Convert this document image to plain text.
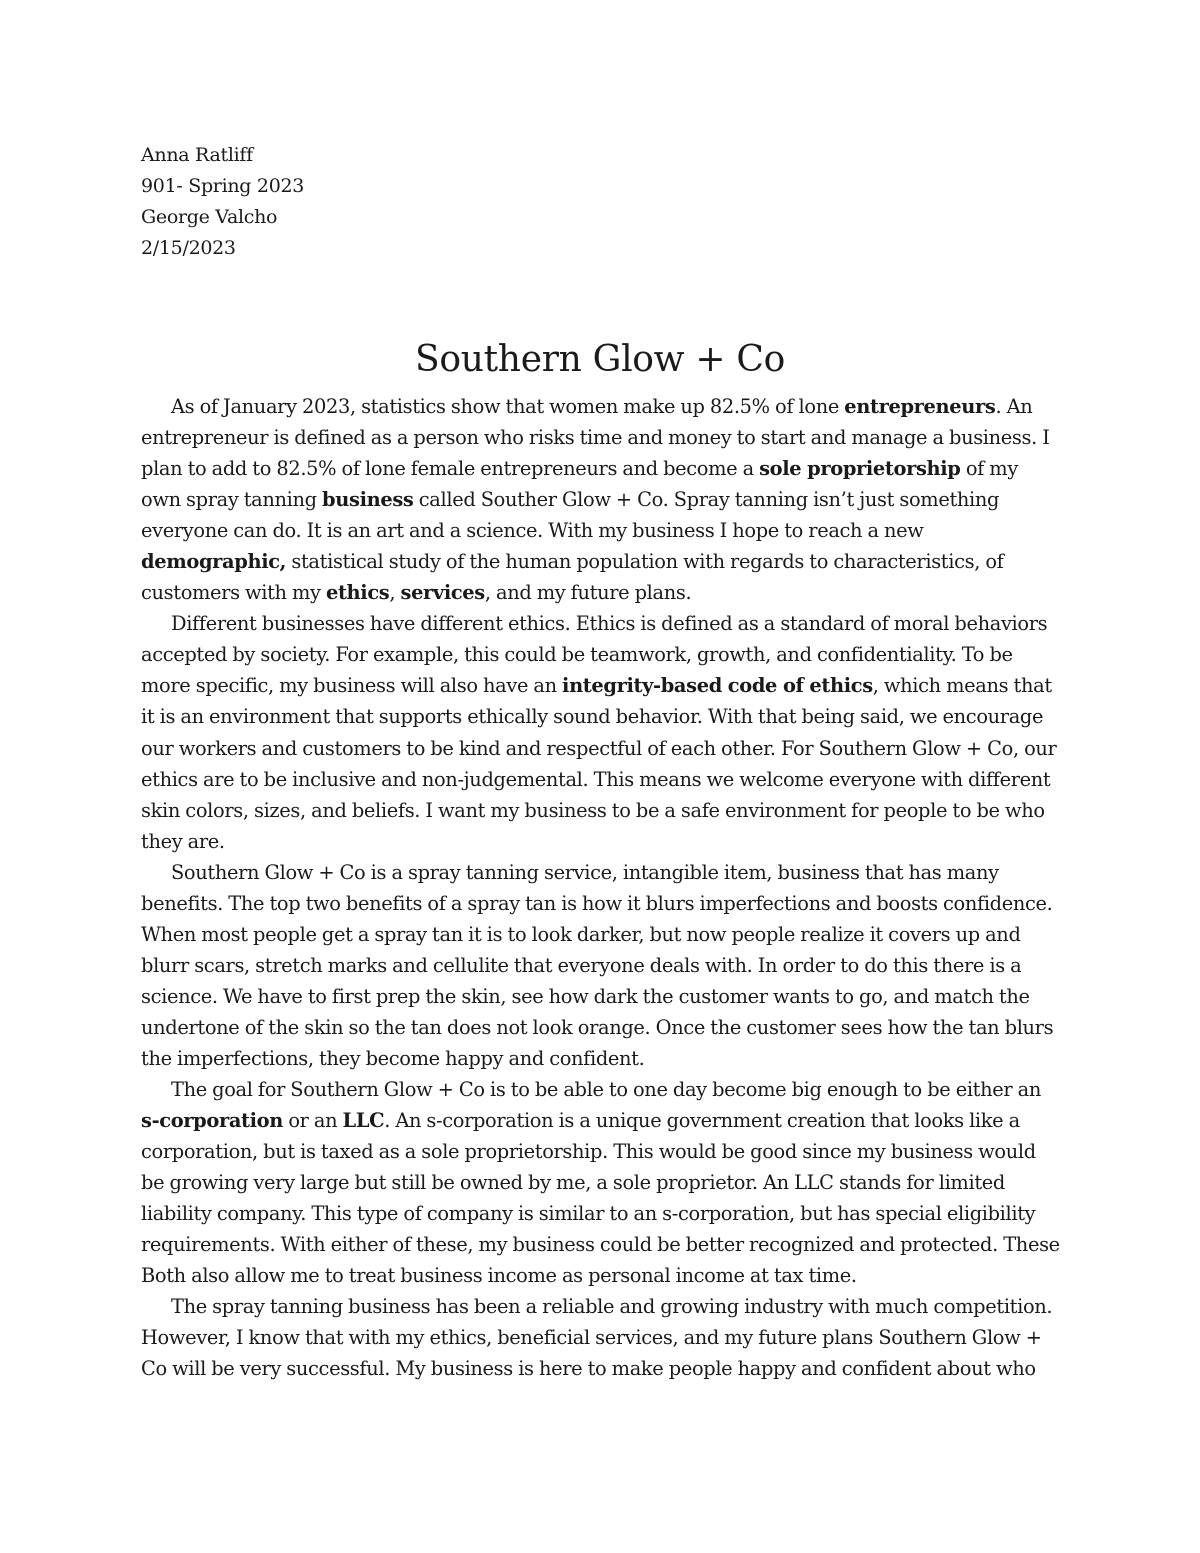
Anna Ratliff
901- Spring 2023
George Valcho
2/15/2023
Southern Glow + Co

As of January 2023, statistics show that women make up 82.5% of lone entrepreneurs. An entrepreneur is defined as a person who risks time and money to start and manage a business. I plan to add to 82.5% of lone female entrepreneurs and become a sole proprietorship of my own spray tanning business called Souther Glow + Co. Spray tanning isn’t just something everyone can do. It is an art and a science. With my business I hope to reach a new demographic, statistical study of the human population with regards to characteristics, of customers with my ethics, services, and my future plans.

Different businesses have different ethics. Ethics is defined as a standard of moral behaviors accepted by society. For example, this could be teamwork, growth, and confidentiality. To be more specific, my business will also have an integrity-based code of ethics, which means that it is an environment that supports ethically sound behavior. With that being said, we encourage our workers and customers to be kind and respectful of each other. For Southern Glow + Co, our ethics are to be inclusive and non-judgemental. This means we welcome everyone with different skin colors, sizes, and beliefs. I want my business to be a safe environment for people to be who they are.

Southern Glow + Co is a spray tanning service, intangible item, business that has many benefits. The top two benefits of a spray tan is how it blurs imperfections and boosts confidence. When most people get a spray tan it is to look darker, but now people realize it covers up and blurr scars, stretch marks and cellulite that everyone deals with. In order to do this there is a science. We have to first prep the skin, see how dark the customer wants to go, and match the undertone of the skin so the tan does not look orange. Once the customer sees how the tan blurs the imperfections, they become happy and confident.

The goal for Southern Glow + Co is to be able to one day become big enough to be either an s-corporation or an LLC. An s-corporation is a unique government creation that looks like a corporation, but is taxed as a sole proprietorship. This would be good since my business would be growing very large but still be owned by me, a sole proprietor. An LLC stands for limited liability company. This type of company is similar to an s-corporation, but has special eligibility requirements. With either of these, my business could be better recognized and protected. These Both also allow me to treat business income as personal income at tax time.

The spray tanning business has been a reliable and growing industry with much competition. However, I know that with my ethics, beneficial services, and my future plans Southern Glow + Co will be very successful. My business is here to make people happy and confident about who
